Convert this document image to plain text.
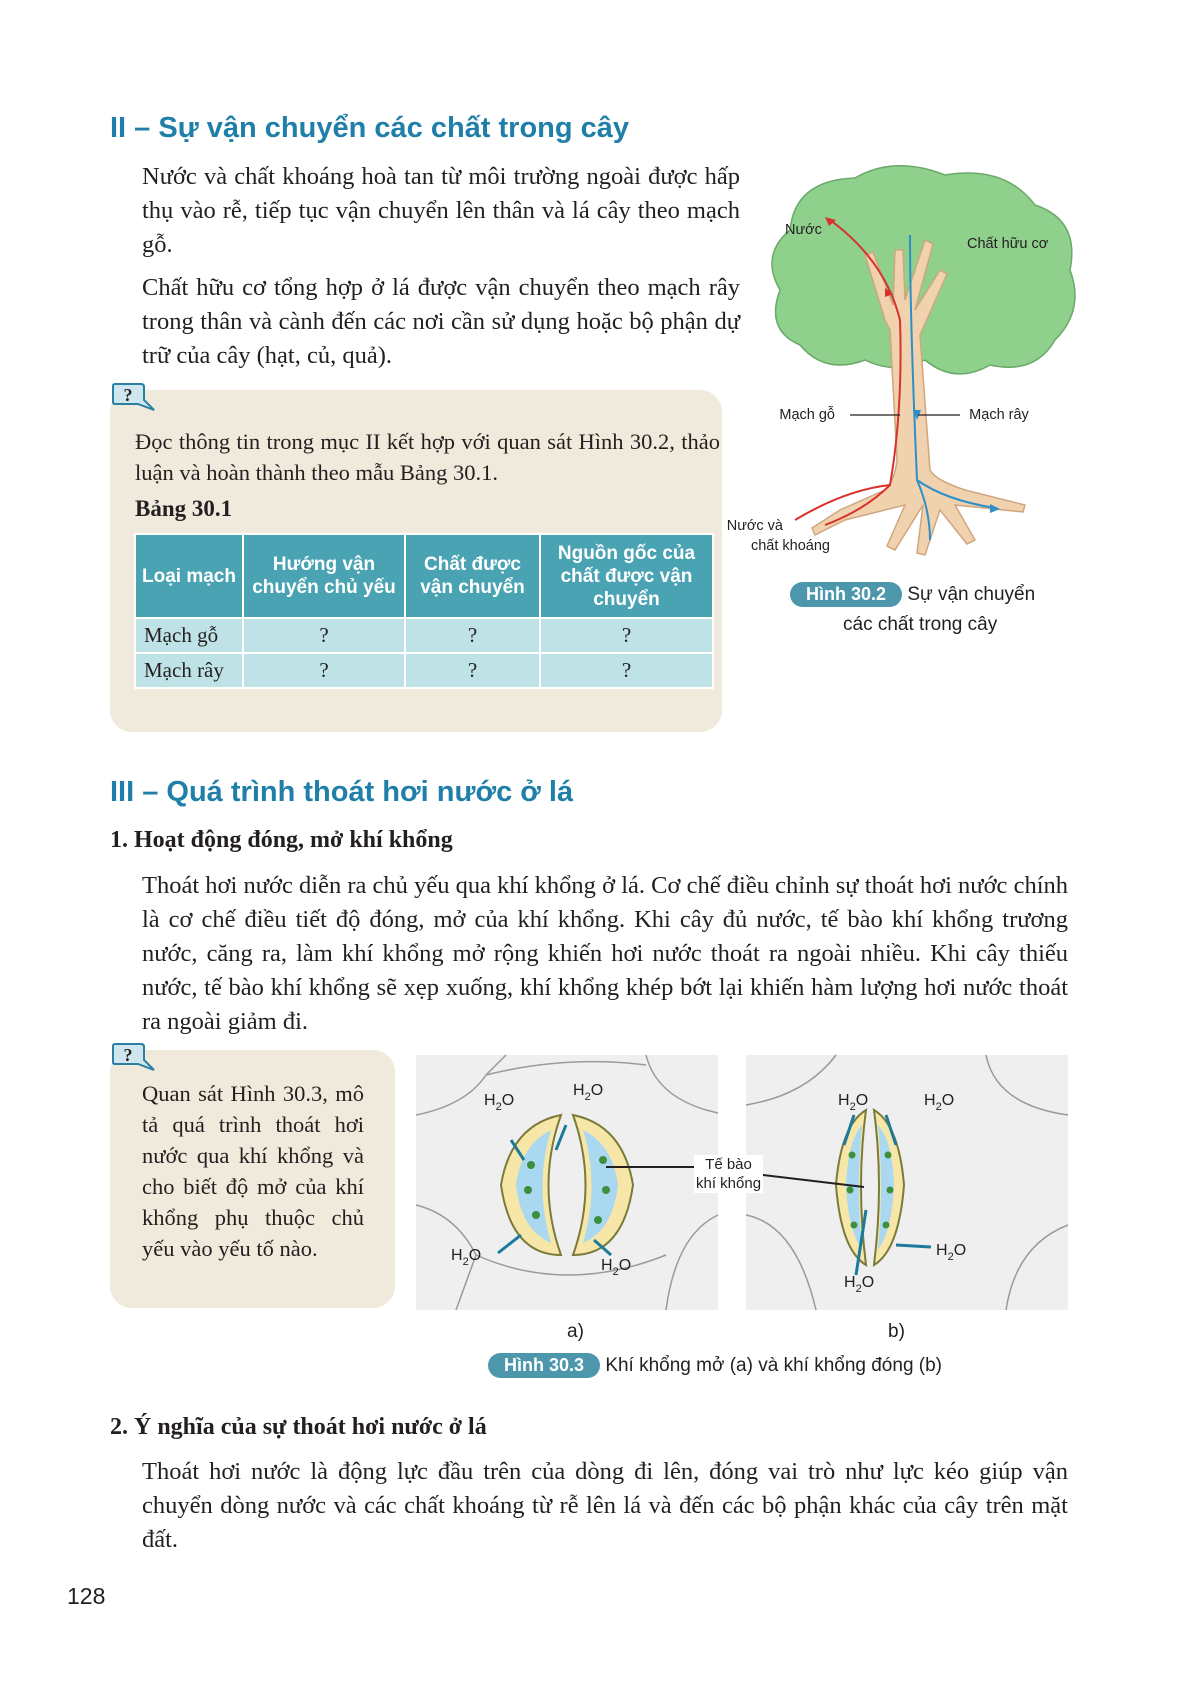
II – Sự vận chuyển các chất trong cây

Nước và chất khoáng hoà tan từ môi trường ngoài được hấp thụ vào rễ, tiếp tục vận chuyển lên thân và lá cây theo mạch gỗ.

Chất hữu cơ tổng hợp ở lá được vận chuyển theo mạch rây trong thân và cành đến các nơi cần sử dụng hoặc bộ phận dự trữ của cây (hạt, củ, quả).

?

Đọc thông tin trong mục II kết hợp với quan sát Hình 30.2, thảo luận và hoàn thành theo mẫu Bảng 30.1.

Bảng 30.1
Loại mạch	Hướng vận chuyển chủ yếu	Chất được vận chuyển	Nguồn gốc của chất được vận chuyển
Mạch gỗ	?	?	?
Mạch rây	?	?	?
Nước
Chất hữu cơ
Mạch gỗ	Mạch rây
Nước và
chất khoáng
Hình 30.2 Sự vận chuyển
các chất trong cây
III – Quá trình thoát hơi nước ở lá
1. Hoạt động đóng, mở khí khổng

Thoát hơi nước diễn ra chủ yếu qua khí khổng ở lá. Cơ chế điều chỉnh sự thoát hơi nước chính là cơ chế điều tiết độ đóng, mở của khí khổng. Khi cây đủ nước, tế bào khí khổng trương nước, căng ra, làm khí khổng mở rộng khiến hơi nước thoát ra ngoài nhiều. Khi cây thiếu nước, tế bào khí khổng sẽ xẹp xuống, khí khổng khép bớt lại khiến hàm lượng hơi nước thoát ra ngoài giảm đi.

?

Quan sát Hình 30.3, mô tả quá trình thoát hơi nước qua khí khổng và cho biết độ mở của khí khổng phụ thuộc chủ yếu vào yếu tố nào.

$H_2O$
$H_2O$
$H_2O$
$H_2O$
$H_2O$	$H_2O$
$H_2O$
$H_2O$
Tế bào
khí khổng
a)	b)
Hình 30.3 Khí khổng mở (a) và khí khổng đóng (b)
2. Ý nghĩa của sự thoát hơi nước ở lá

Thoát hơi nước là động lực đầu trên của dòng đi lên, đóng vai trò như lực kéo giúp vận chuyển dòng nước và các chất khoáng từ rễ lên lá và đến các bộ phận khác của cây trên mặt đất.

128
